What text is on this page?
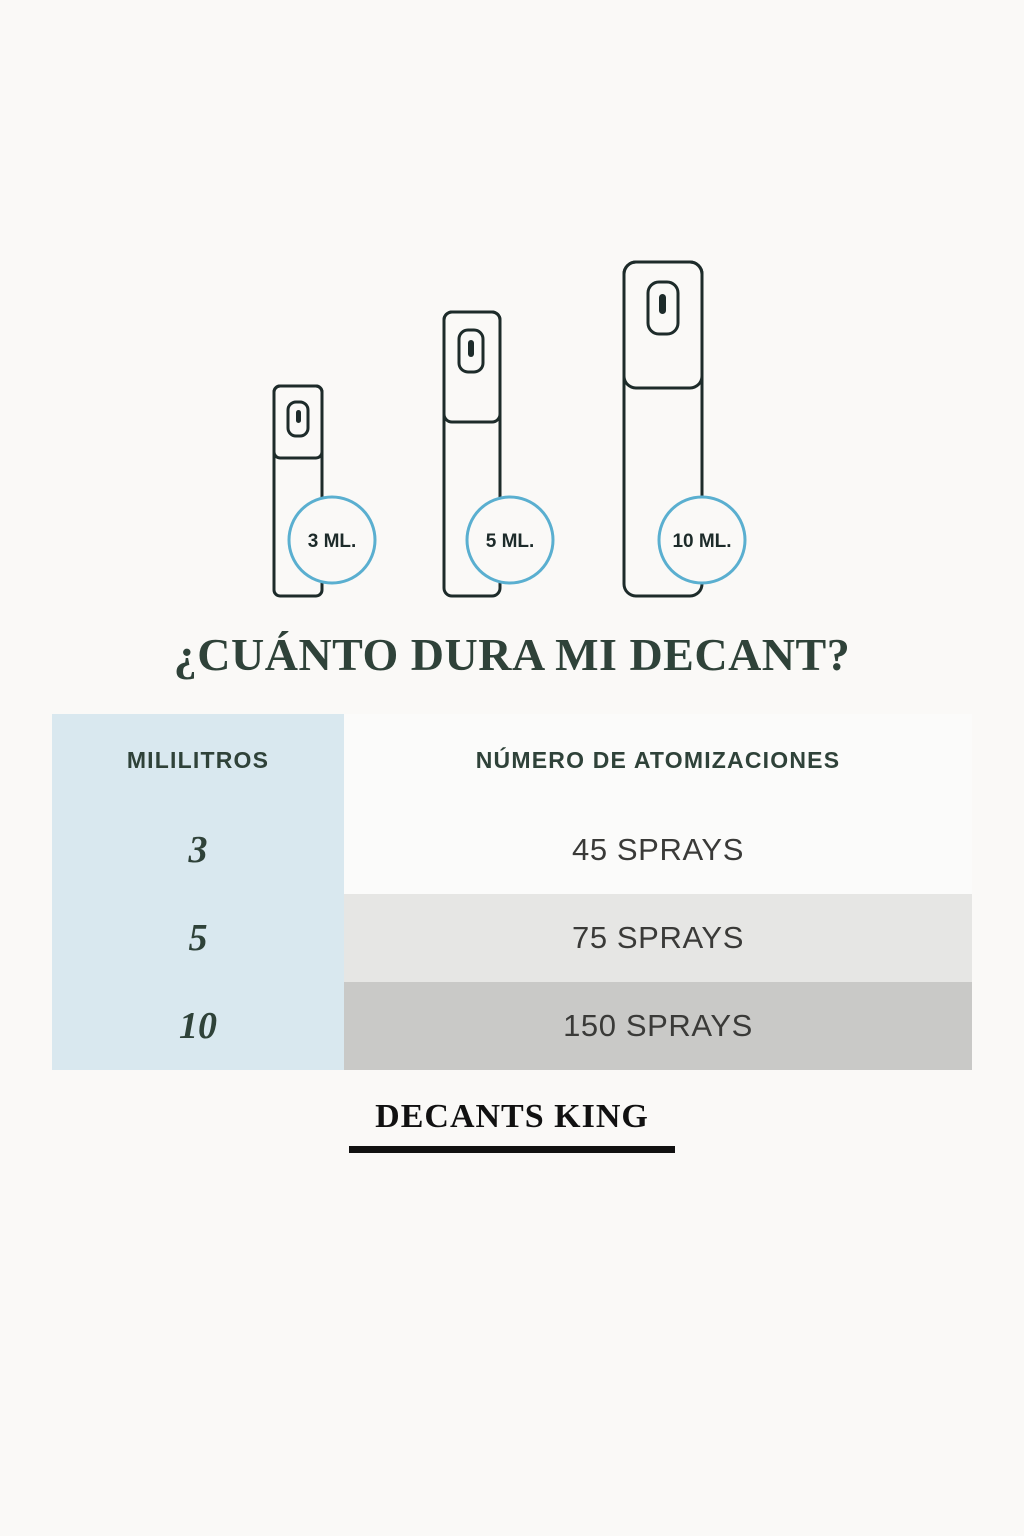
3 ML.	5 ML.	10 ML.
¿CUÁNTO DURA MI DECANT?
MILILITROS	NÚMERO DE ATOMIZACIONES
3	45 SPRAYS
5	75 SPRAYS
10	150 SPRAYS
DECANTS KING
